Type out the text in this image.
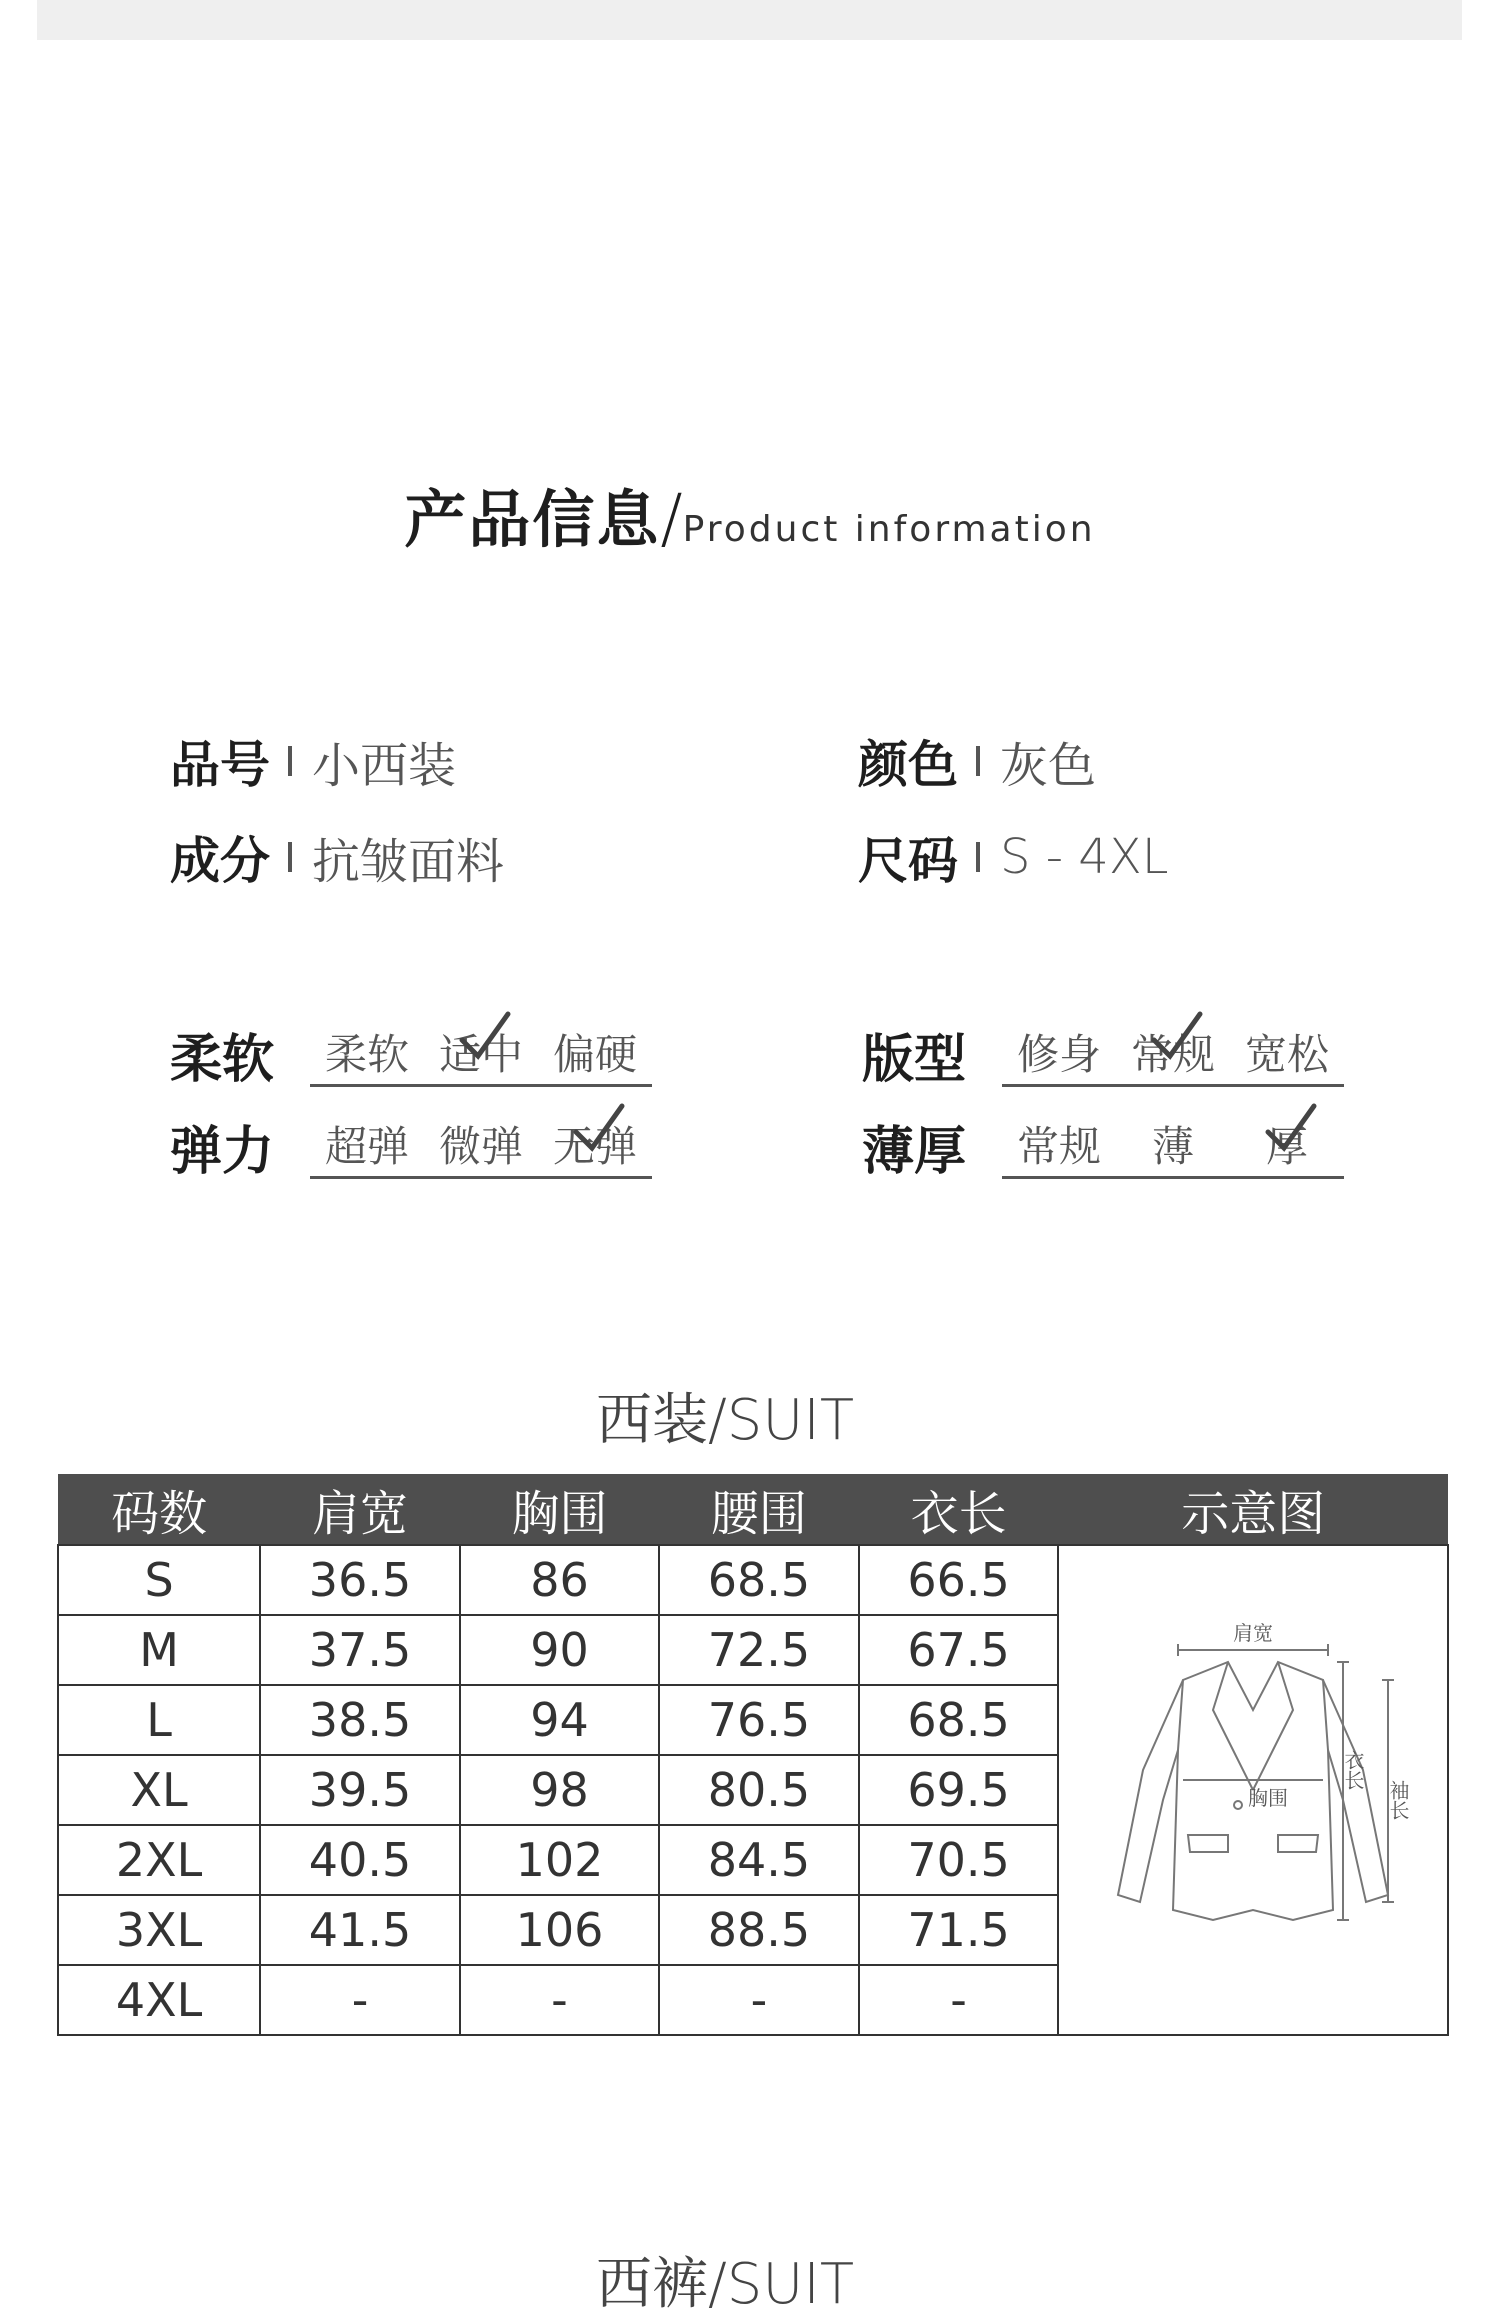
产品信息/Product information
品号 小西装	颜色 灰色
成分 抗皱面料	尺码 S - 4XL
柔软	柔软 适中 偏硬	版型	修身 常规 宽松
弹力	超弹 微弹 无弹	薄厚	常规	薄	厚
西装/SUIT
码数	肩宽	胸围	腰围	衣长	示意图
S	36.5	86	68.5	66.5	肩宽
衣长
胸围 袖长

M	37.5	90	72.5	67.5	
L	38.5	94	76.5	68.5	
XL	39.5	98	80.5	69.5	
2XL	40.5	102	84.5	70.5	
3XL	41.5	106	88.5	71.5	
4XL	-	-	-	-	
西裤/SUIT
